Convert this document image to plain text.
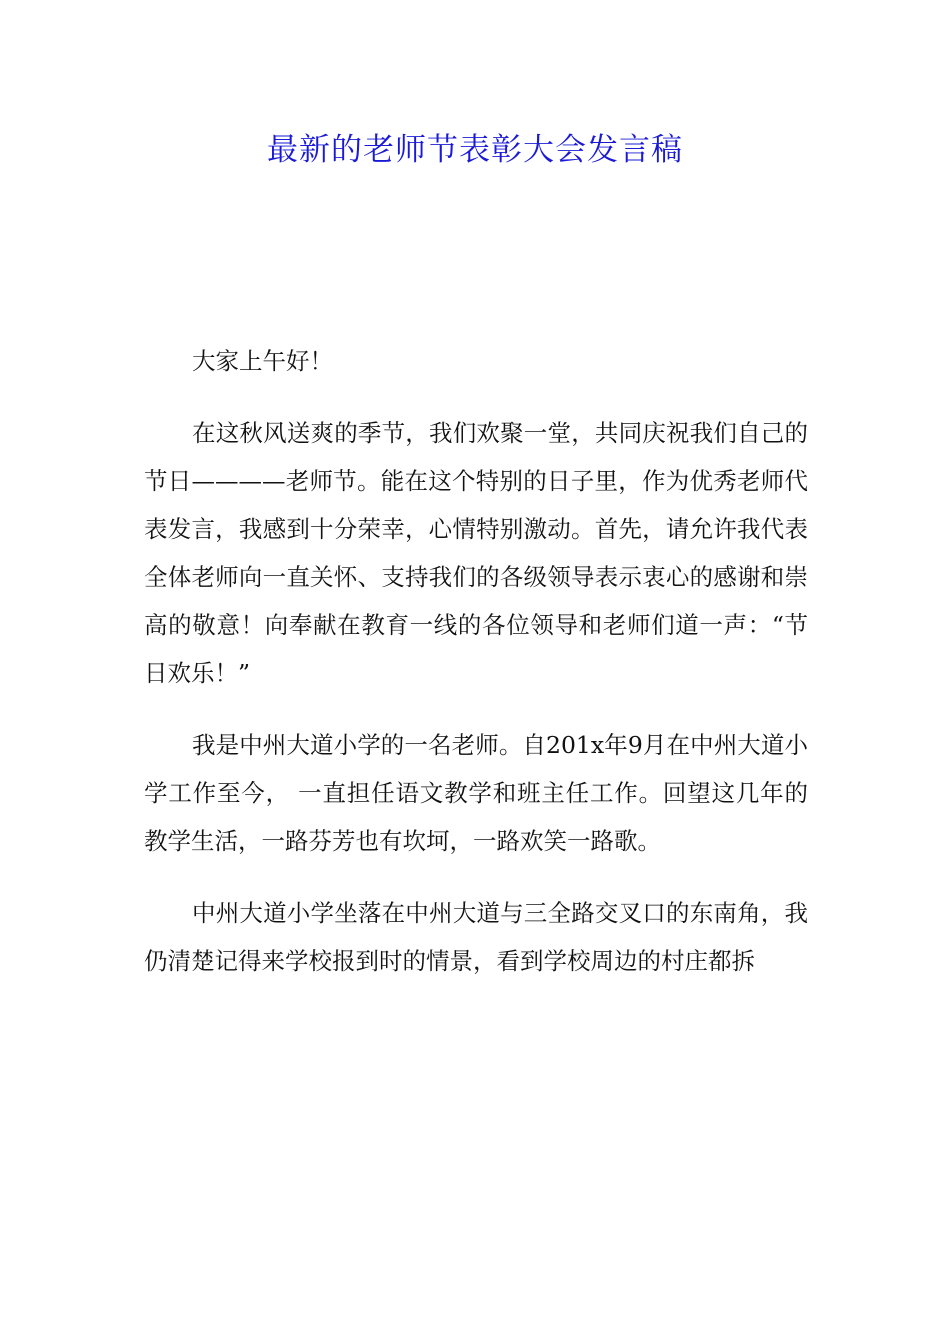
最新的老师节表彰大会发言稿

大家上午好！

在这秋风送爽的季节，我们欢聚一堂，共同庆祝我们自己的节日————老师节。能在这个特别的日子里，作为优秀老师代表发言，我感到十分荣幸，心情特别激动。首先，请允许我代表全体老师向一直关怀、支持我们的各级领导表示衷心的感谢和崇高的敬意！向奉献在教育一线的各位领导和老师们道一声：“节日欢乐！”

我是中州大道小学的一名老师。自201x年9月在中州大道小学工作至今， 一直担任语文教学和班主任工作。回望这几年的教学生活，一路芬芳也有坎坷，一路欢笑一路歌。

中州大道小学坐落在中州大道与三全路交叉口的东南角，我仍清楚记得来学校报到时的情景，看到学校周边的村庄都拆
